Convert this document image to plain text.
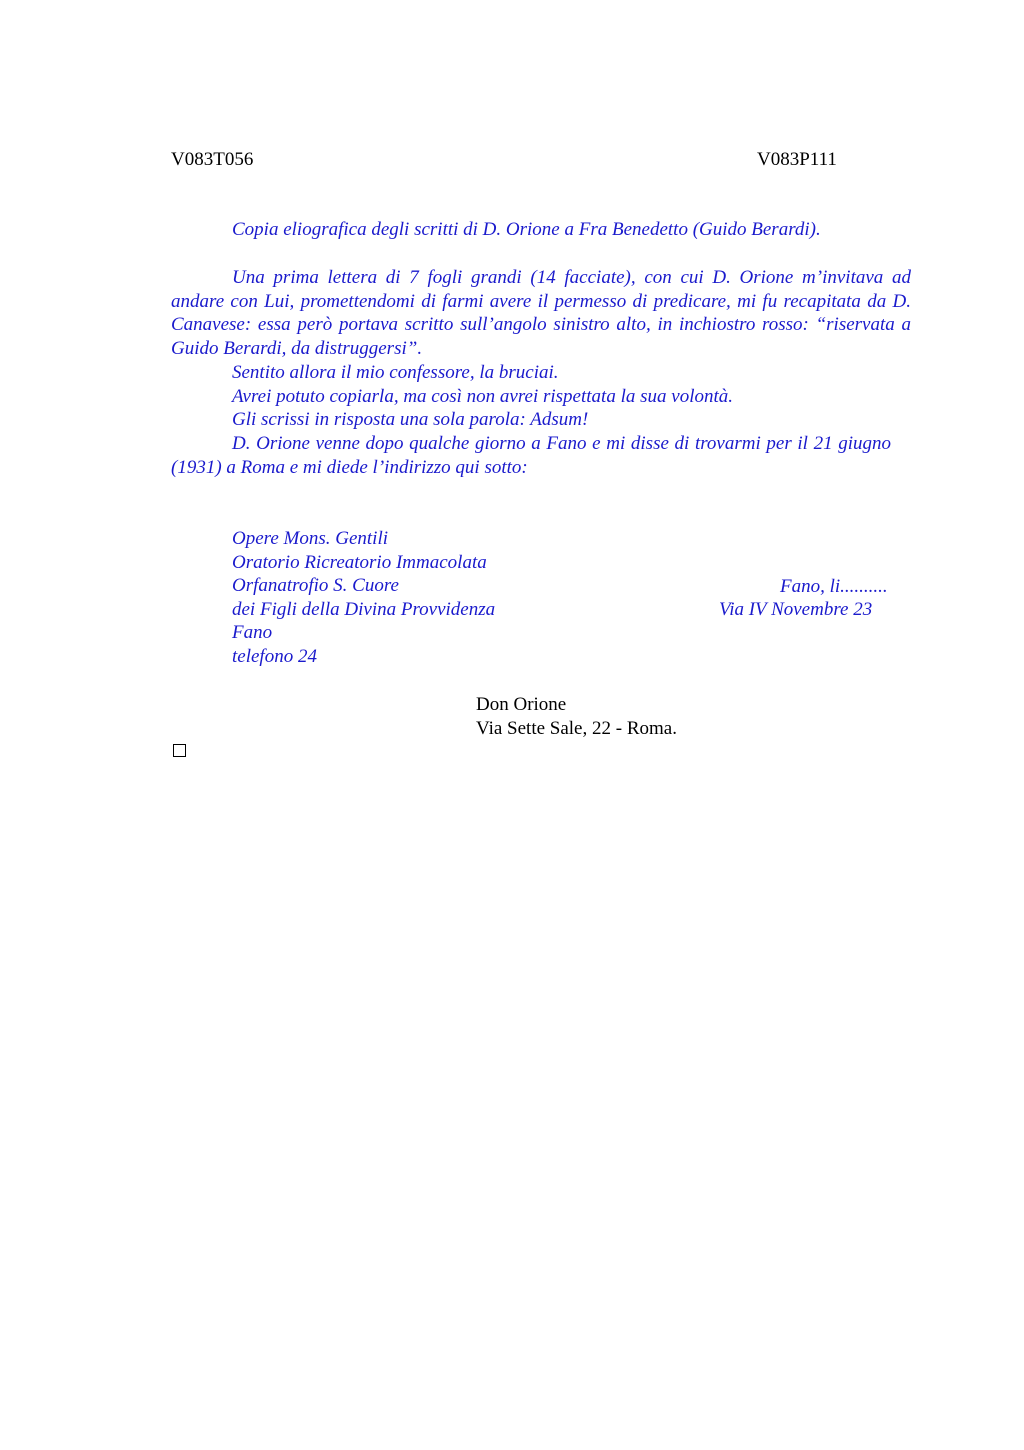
V083T056	V083P111
Copia eliografica degli scritti di D. Orione a Fra Benedetto (Guido Berardi).

Una prima lettera di 7 fogli grandi (14 facciate), con cui D. Orione m’invitava ad andare con Lui, promettendomi di farmi avere il permesso di predicare, mi fu recapitata da D. Canavese: essa però portava scritto sull’angolo sinistro alto, in inchiostro rosso: “riservata a Guido Berardi, da distruggersi”.

Sentito allora il mio confessore, la bruciai.
Avrei potuto copiarla, ma così non avrei rispettata la sua volontà.
Gli scrissi in risposta una sola parola: Adsum!

D. Orione venne dopo qualche giorno a Fano e mi disse di trovarmi per il 21 giugno (1931) a Roma e mi diede l’indirizzo qui sotto:

Opere Mons. Gentili
Oratorio Ricreatorio Immacolata
Orfanatrofio S. Cuore
dei Figli della Divina Provvidenza
Fano
telefono 24
Fano, li..........
Via IV Novembre 23
Don Orione
Via Sette Sale, 22 - Roma.
